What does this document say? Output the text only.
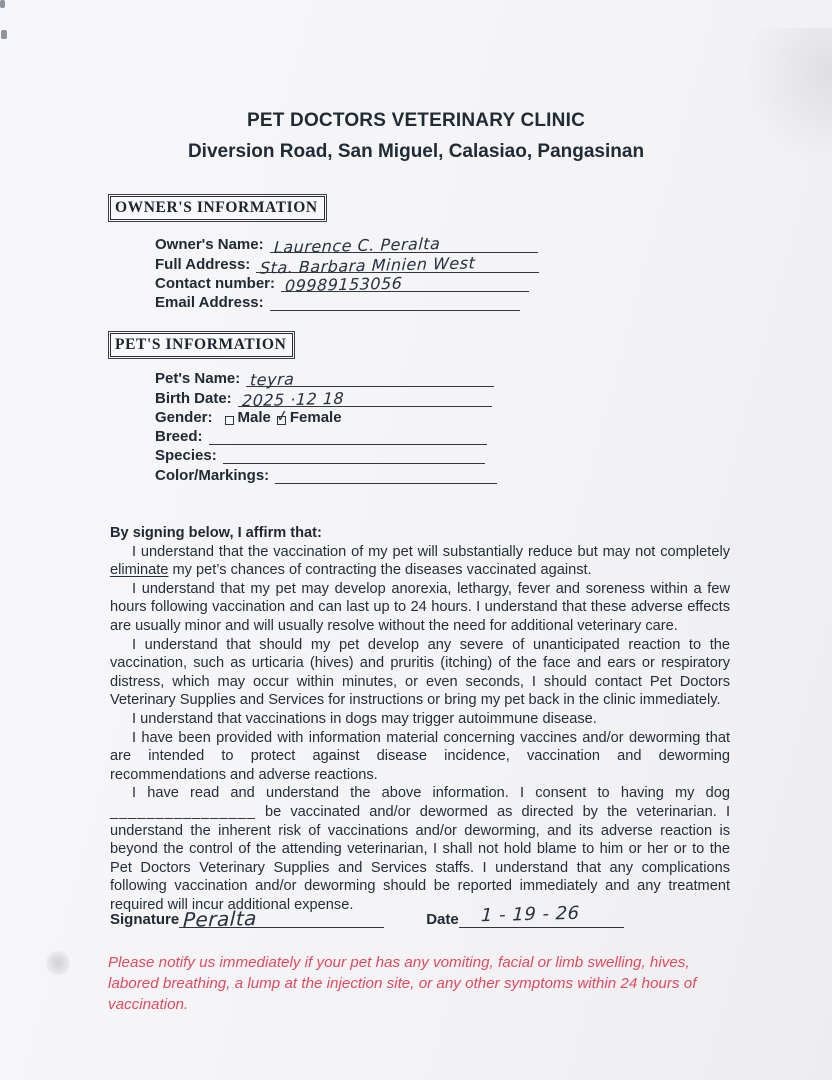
PET DOCTORS VETERINARY CLINIC
Diversion Road, San Miguel, Calasiao, Pangasinan
OWNER'S INFORMATION
Owner's Name: Laurence C. Peralta
Full Address: Sta. Barbara Minien West
Contact number: 09989153056
Email Address:
PET'S INFORMATION
Pet's Name: teyra
Birth Date: 2025 ·12 18
Gender:	Male ✓ Female
Breed:
Species:
Color/Markings:
By signing below, I affirm that:

I understand that the vaccination of my pet will substantially reduce but may not completely eliminate my pet’s chances of contracting the diseases vaccinated against.

I understand that my pet may develop anorexia, lethargy, fever and soreness within a few hours following vaccination and can last up to 24 hours. I understand that these adverse effects are usually minor and will usually resolve without the need for additional veterinary care.

I understand that should my pet develop any severe of unanticipated reaction to the vaccination, such as urticaria (hives) and pruritis (itching) of the face and ears or respiratory distress, which may occur within minutes, or even seconds, I should contact Pet Doctors Veterinary Supplies and Services for instructions or bring my pet back in the clinic immediately.

I understand that vaccinations in dogs may trigger autoimmune disease.

I have been provided with information material concerning vaccines and/or deworming that are intended to protect against disease incidence, vaccination and deworming recommendations and adverse reactions.

I have read and understand the above information. I consent to having my dog ________________ be vaccinated and/or dewormed as directed by the veterinarian. I understand the inherent risk of vaccinations and/or deworming, and its adverse reaction is beyond the control of the attending veterinarian, I shall not hold blame to him or her or to the Pet Doctors Veterinary Supplies and Services staffs. I understand that any complications following vaccination and/or deworming should be reported immediately and any treatment required will incur additional expense.

Signature Peralta	Date 1 - 19 - 26
Please notify us immediately if your pet has any vomiting, facial or limb swelling, hives, labored breathing, a lump at the injection site, or any other symptoms within 24 hours of vaccination.
